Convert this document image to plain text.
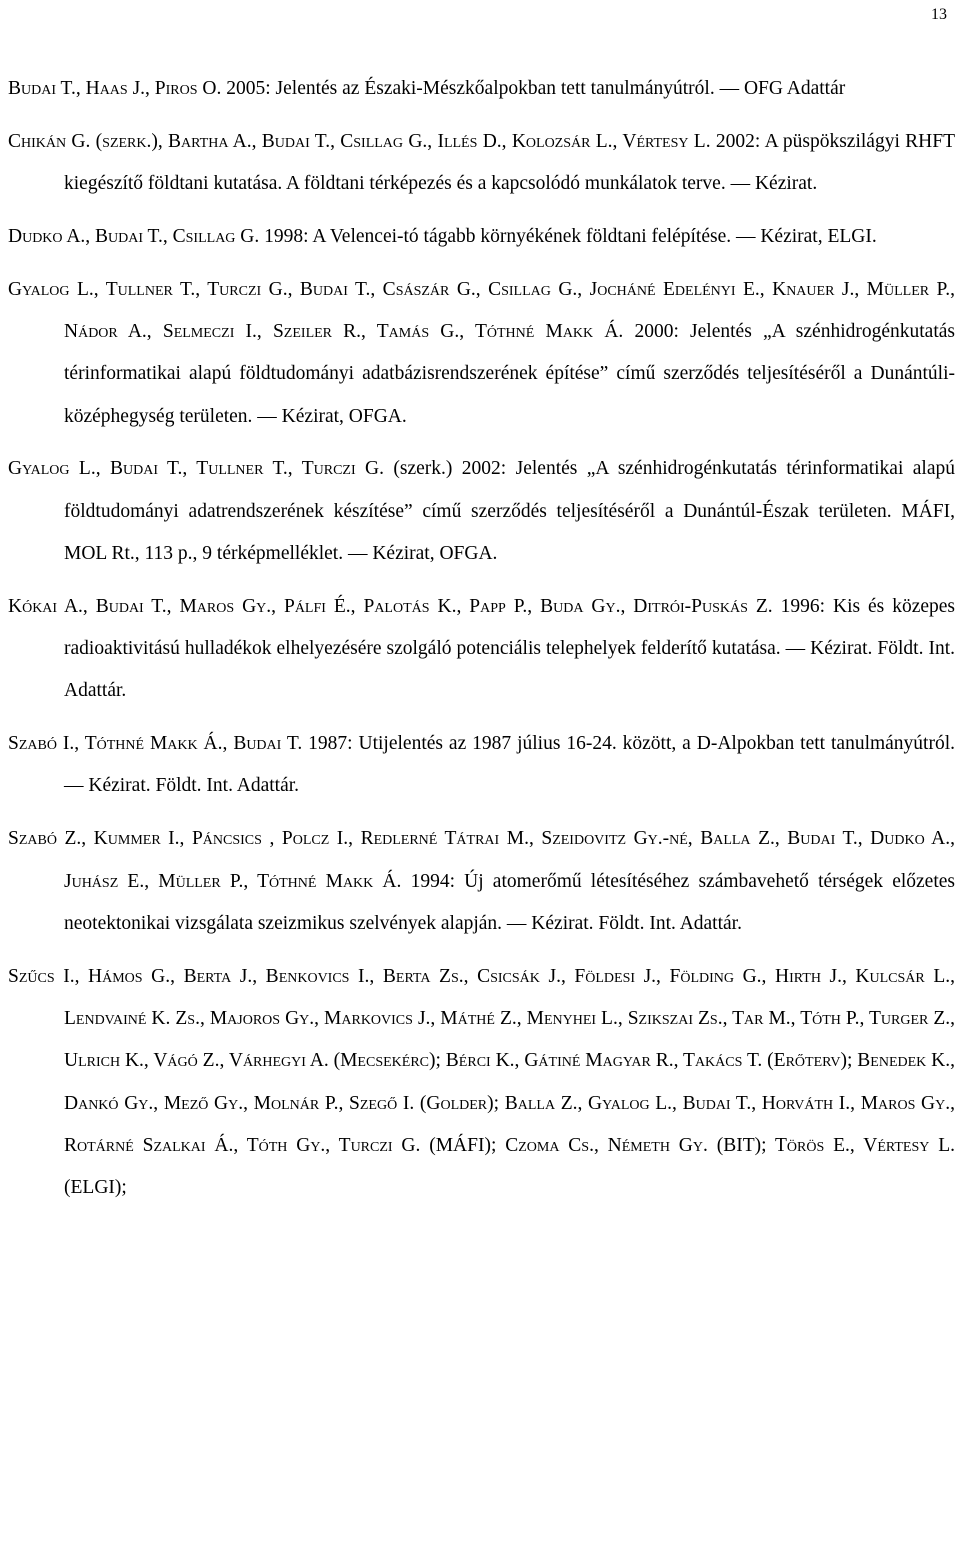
13

Budai T., Haas J., Piros O. 2005: Jelentés az Északi-Mészkőalpokban tett tanulmányútról. — OFG Adattár

Chikán G. (szerk.), Bartha A., Budai T., Csillag G., Illés D., Kolozsár L., Vértesy L. 2002: A püspökszilágyi RHFT kiegészítő földtani kutatása. A földtani térképezés és a kapcsolódó munkálatok terve. — Kézirat.

Dudko A., Budai T., Csillag G. 1998: A Velencei-tó tágabb környékének földtani felépítése. — Kézirat, ELGI.

Gyalog L., Tullner T., Turczi G., Budai T., Császár G., Csillag G., Jocháné Edelényi E., Knauer J., Müller P., Nádor A., Selmeczi I., Szeiler R., Tamás G., Tóthné Makk Á. 2000: Jelentés „A szénhidrogénkutatás térinformatikai alapú földtudományi adatbázisrendszerének építése” című szerződés teljesítéséről a Dunántúli-középhegység területen. — Kézirat, OFGA.

Gyalog L., Budai T., Tullner T., Turczi G. (szerk.) 2002: Jelentés „A szénhidrogénkutatás térinformatikai alapú földtudományi adatrendszerének készítése” című szerződés teljesítéséről a Dunántúl-Észak területen. MÁFI, MOL Rt., 113 p., 9 térképmelléklet. — Kézirat, OFGA.

Kókai A., Budai T., Maros Gy., Pálfi É., Palotás K., Papp P., Buda Gy., Ditrói-Puskás Z. 1996: Kis és közepes radioaktivitású hulladékok elhelyezésére szolgáló potenciális telephelyek felderítő kutatása. — Kézirat. Földt. Int. Adattár.

Szabó I., Tóthné Makk Á., Budai T. 1987: Utijelentés az 1987 július 16-24. között, a D-Alpokban tett tanulmányútról. — Kézirat. Földt. Int. Adattár.

Szabó Z., Kummer I., Páncsics , Polcz I., Redlerné Tátrai M., Szeidovitz Gy.-né, Balla Z., Budai T., Dudko A., Juhász E., Müller P., Tóthné Makk Á. 1994: Új atomerőmű létesítéséhez számbavehető térségek előzetes neotektonikai vizsgálata szeizmikus szelvények alapján. — Kézirat. Földt. Int. Adattár.

Szűcs I., Hámos G., Berta J., Benkovics I., Berta Zs., Csicsák J., Földesi J., Földing G., Hirth J., Kulcsár L., Lendvainé K. Zs., Majoros Gy., Markovics J., Máthé Z., Menyhei L., Szikszai Zs., Tar M., Tóth P., Turger Z., Ulrich K., Vágó Z., Várhegyi A. (Mecsekérc); Bérci K., Gátiné Magyar R., Takács T. (Erőterv); Benedek K., Dankó Gy., Mező Gy., Molnár P., Szegő I. (Golder); Balla Z., Gyalog L., Budai T., Horváth I., Maros Gy., Rotárné Szalkai Á., Tóth Gy., Turczi G. (MÁFI); Czoma Cs., Németh Gy. (BIT); Törös E., Vértesy L. (ELGI);
